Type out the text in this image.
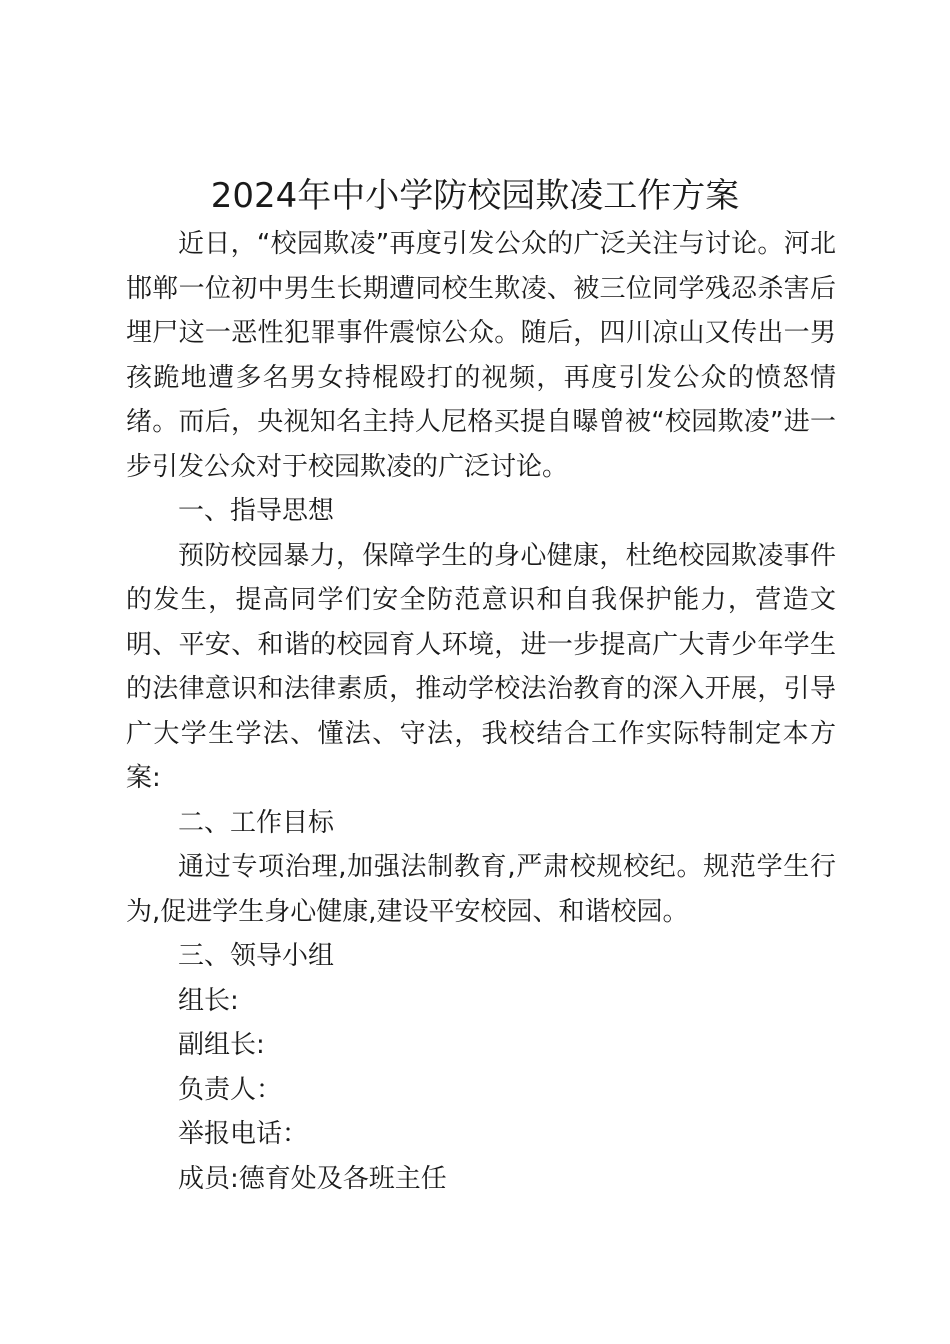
2024年中小学防校园欺凌工作方案

近日，“校园欺凌”再度引发公众的广泛关注与讨论。河北邯郸一位初中男生长期遭同校生欺凌、被三位同学残忍杀害后埋尸这一恶性犯罪事件震惊公众。随后，四川凉山又传出一男孩跪地遭多名男女持棍殴打的视频，再度引发公众的愤怒情绪。而后，央视知名主持人尼格买提自曝曾被“校园欺凌”进一步引发公众对于校园欺凌的广泛讨论。

一、指导思想

预防校园暴力，保障学生的身心健康，杜绝校园欺凌事件的发生，提高同学们安全防范意识和自我保护能力，营造文明、平安、和谐的校园育人环境，进一步提高广大青少年学生的法律意识和法律素质，推动学校法治教育的深入开展，引导广大学生学法、懂法、守法，我校结合工作实际特制定本方案:

二、工作目标

通过专项治理,加强法制教育,严肃校规校纪。规范学生行为,促进学生身心健康,建设平安校园、和谐校园。

三、领导小组

组长:

副组长:

负责人：

举报电话：

成员:德育处及各班主任
